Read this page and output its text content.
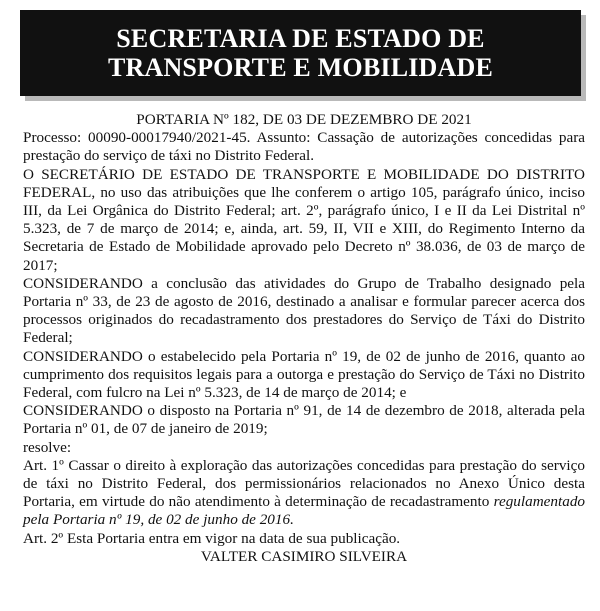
SECRETARIA DE ESTADO DE
TRANSPORTE E MOBILIDADE

PORTARIA Nº 182, DE 03 DE DEZEMBRO DE 2021

Processo: 00090-00017940/2021-45. Assunto: Cassação de autorizações concedidas para prestação do serviço de táxi no Distrito Federal.

O SECRETÁRIO DE ESTADO DE TRANSPORTE E MOBILIDADE DO DISTRITO FEDERAL, no uso das atribuições que lhe conferem o artigo 105, parágrafo único, inciso III, da Lei Orgânica do Distrito Federal; art. 2º, parágrafo único, I e II da Lei Distrital nº 5.323, de 7 de março de 2014; e, ainda, art. 59, II, VII e XIII, do Regimento Interno da Secretaria de Estado de Mobilidade aprovado pelo Decreto nº 38.036, de 03 de março de 2017;

CONSIDERANDO a conclusão das atividades do Grupo de Trabalho designado pela Portaria nº 33, de 23 de agosto de 2016, destinado a analisar e formular parecer acerca dos processos originados do recadastramento dos prestadores do Serviço de Táxi do Distrito Federal;

CONSIDERANDO o estabelecido pela Portaria nº 19, de 02 de junho de 2016, quanto ao cumprimento dos requisitos legais para a outorga e prestação do Serviço de Táxi no Distrito Federal, com fulcro na Lei nº 5.323, de 14 de março de 2014; e

CONSIDERANDO o disposto na Portaria nº 91, de 14 de dezembro de 2018, alterada pela Portaria nº 01, de 07 de janeiro de 2019;

resolve:

Art. 1º Cassar o direito à exploração das autorizações concedidas para prestação do serviço de táxi no Distrito Federal, dos permissionários relacionados no Anexo Único desta Portaria, em virtude do não atendimento à determinação de recadastramento regulamentado pela Portaria nº 19, de 02 de junho de 2016.

Art. 2º Esta Portaria entra em vigor na data de sua publicação.

VALTER CASIMIRO SILVEIRA
